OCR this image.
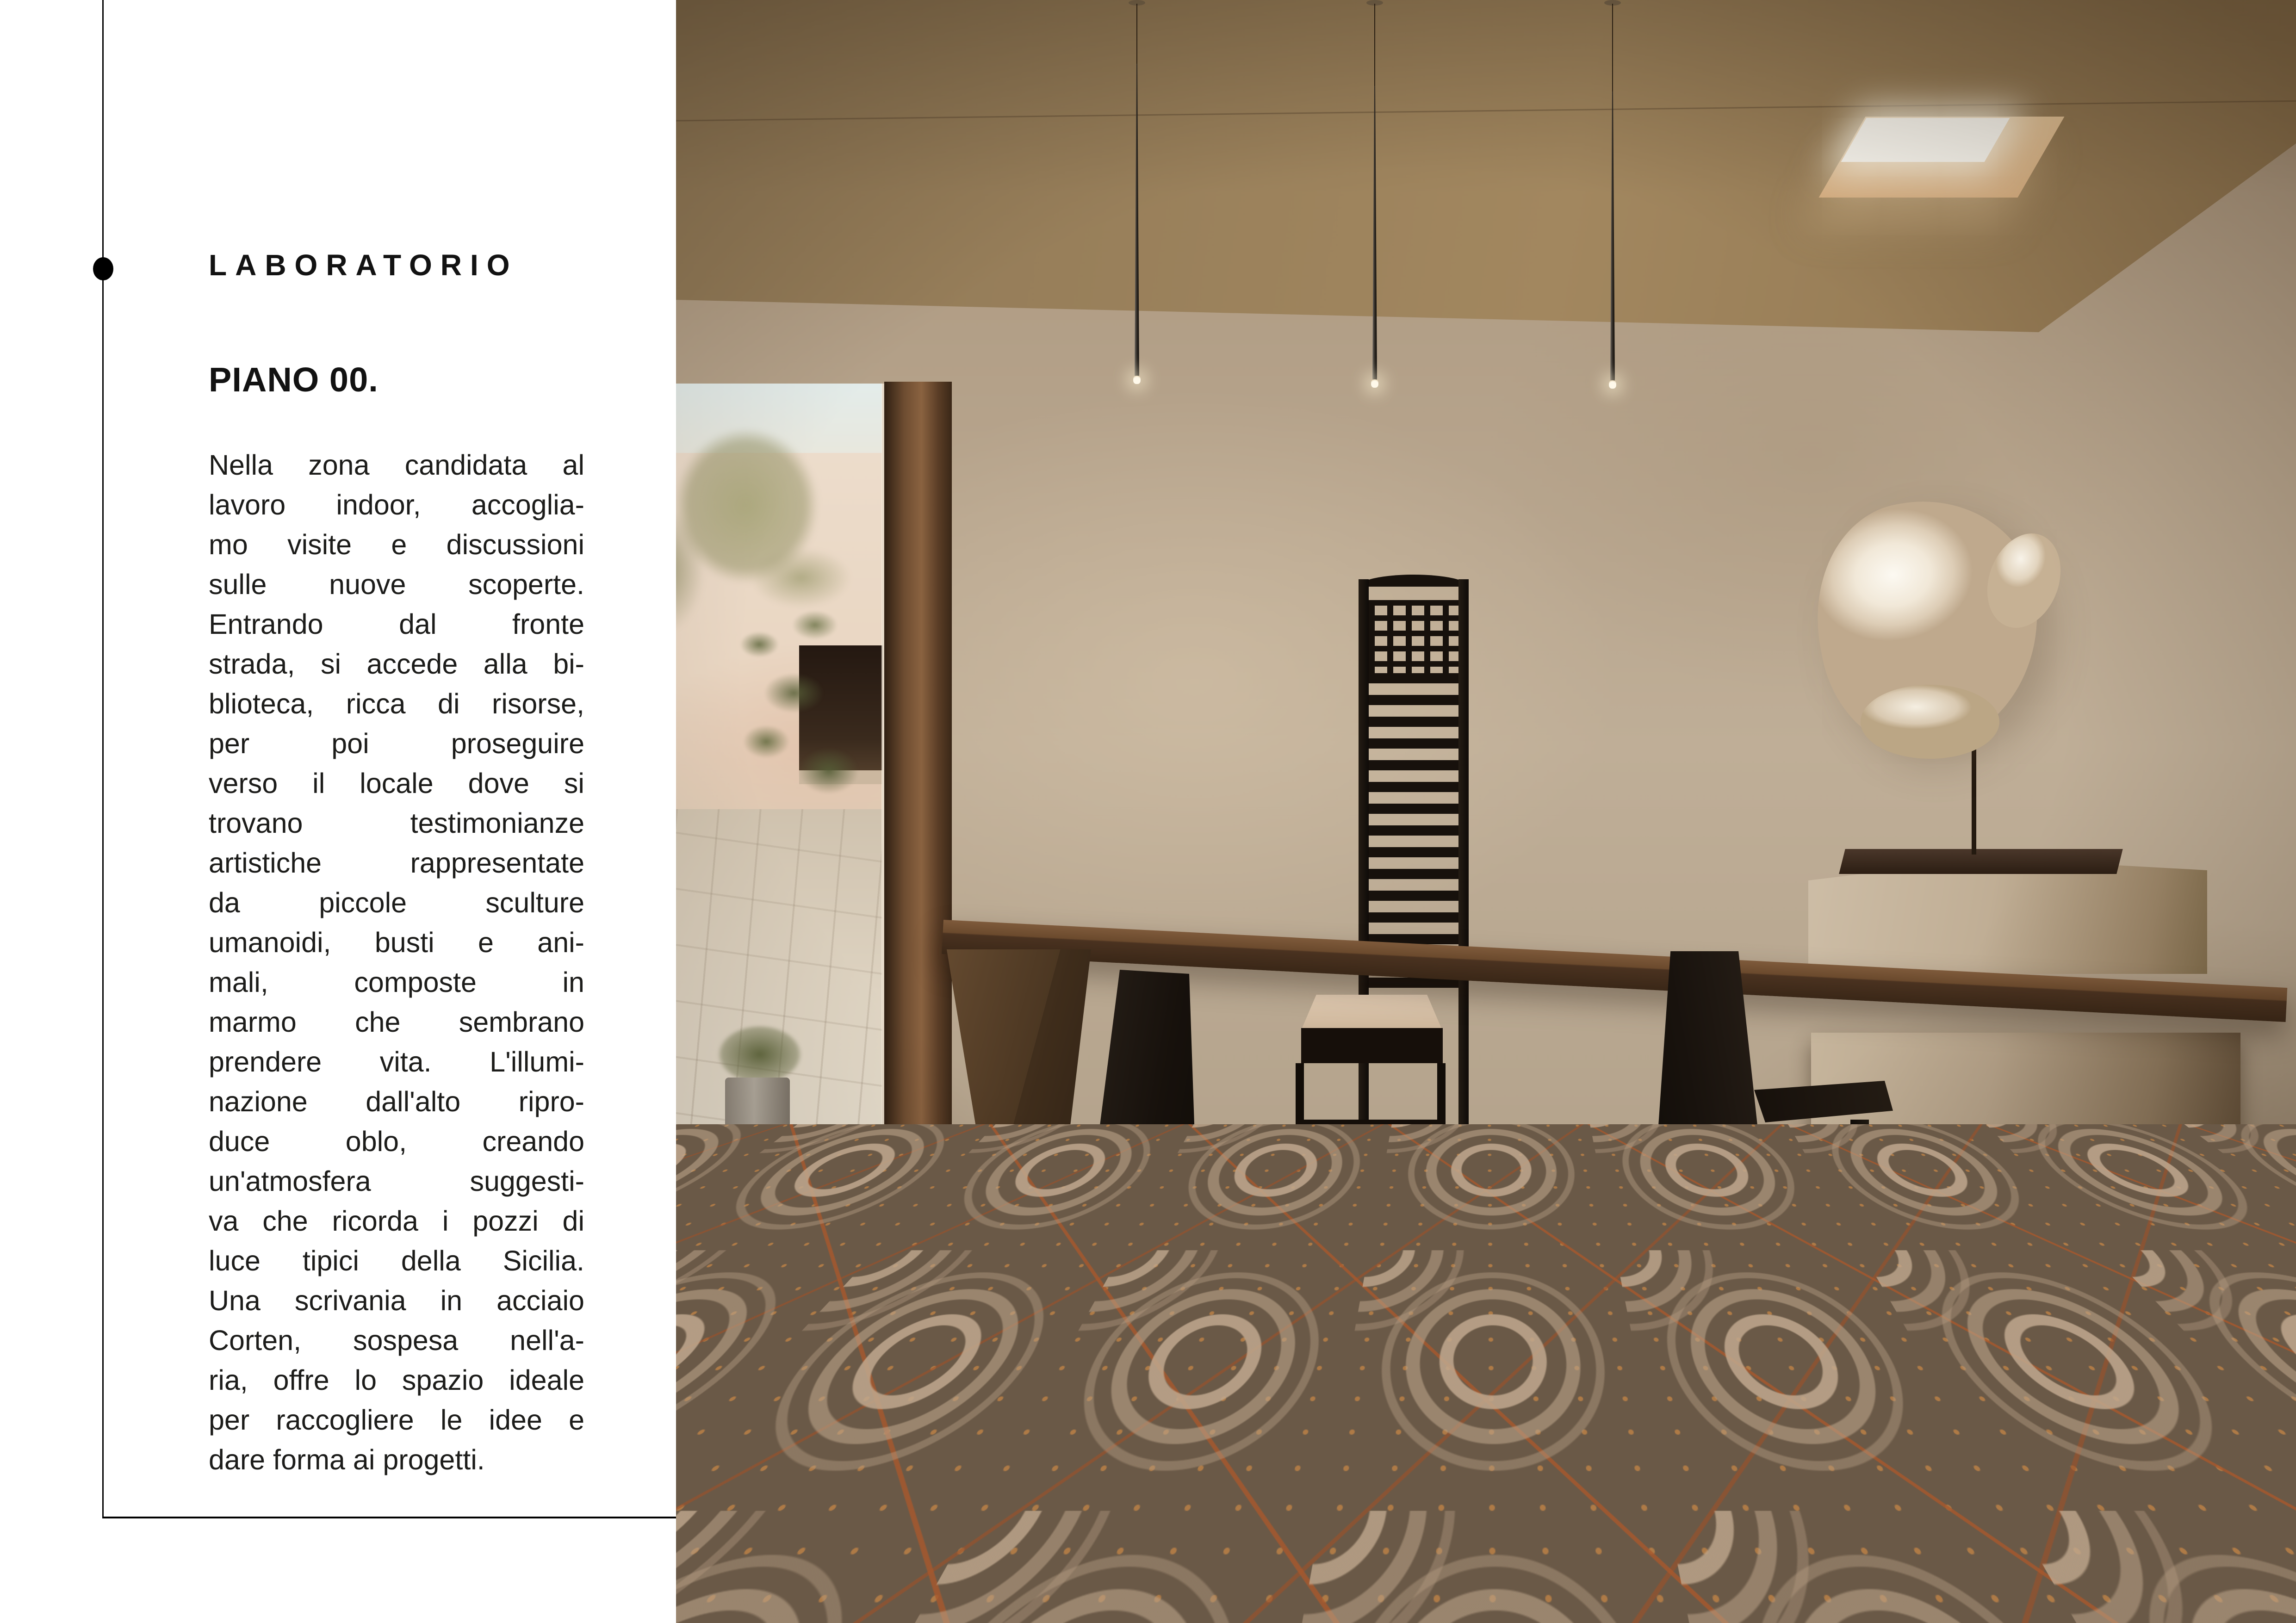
LABORATORIO
PIANO 00.
Nella zona candidata al
lavoro indoor, accoglia-
mo visite e discussioni
sulle nuove scoperte.
Entrando dal fronte
strada, si accede alla bi-
blioteca, ricca di risorse,
per poi proseguire
verso il locale dove si
trovano testimonianze
artistiche rappresentate
da piccole sculture
umanoidi, busti e ani-
mali, composte in
marmo che sembrano
prendere vita. L'illumi-
nazione dall'alto ripro-
duce oblo, creando
un'atmosfera suggesti-
va che ricorda i pozzi di
luce tipici della Sicilia.
Una scrivania in acciaio
Corten, sospesa nell'a-
ria, offre lo spazio ideale
per raccogliere le idee e
dare forma ai progetti.
